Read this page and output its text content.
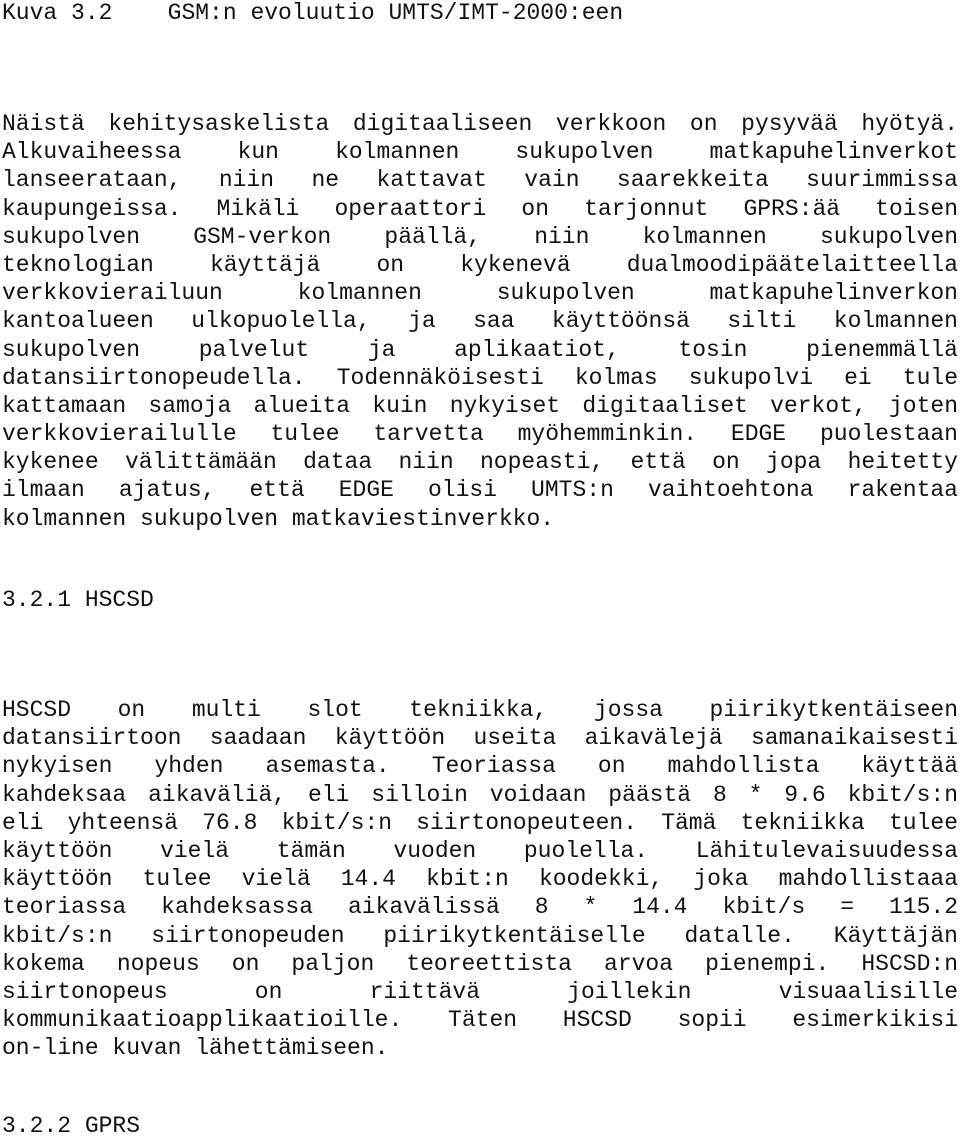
Kuva 3.2 GSM:n evoluutio UMTS/IMT-2000:een
Näistä kehitysaskelista digitaaliseen verkkoon on pysyvää hyötyä.
Alkuvaiheessa kun kolmannen sukupolven matkapuhelinverkot
lanseerataan, niin ne kattavat vain saarekkeita suurimmissa
kaupungeissa. Mikäli operaattori on tarjonnut GPRS:ää toisen
sukupolven GSM-verkon päällä, niin kolmannen sukupolven
teknologian käyttäjä on kykenevä dualmoodipäätelaitteella
verkkovierailuun kolmannen sukupolven matkapuhelinverkon
kantoalueen ulkopuolella, ja saa käyttöönsä silti kolmannen
sukupolven palvelut ja aplikaatiot, tosin pienemmällä
datansiirtonopeudella. Todennäköisesti kolmas sukupolvi ei tule
kattamaan samoja alueita kuin nykyiset digitaaliset verkot, joten
verkkovierailulle tulee tarvetta myöhemminkin. EDGE puolestaan
kykenee välittämään dataa niin nopeasti, että on jopa heitetty
ilmaan ajatus, että EDGE olisi UMTS:n vaihtoehtona rakentaa
kolmannen sukupolven matkaviestinverkko.
3.2.1 HSCSD
HSCSD on multi slot tekniikka, jossa piirikytkentäiseen
datansiirtoon saadaan käyttöön useita aikavälejä samanaikaisesti
nykyisen yhden asemasta. Teoriassa on mahdollista käyttää
kahdeksaa aikaväliä, eli silloin voidaan päästä 8 * 9.6 kbit/s:n
eli yhteensä 76.8 kbit/s:n siirtonopeuteen. Tämä tekniikka tulee
käyttöön vielä tämän vuoden puolella. Lähitulevaisuudessa
käyttöön tulee vielä 14.4 kbit:n koodekki, joka mahdollistaaa
teoriassa kahdeksassa aikavälissä 8 * 14.4 kbit/s = 115.2
kbit/s:n siirtonopeuden piirikytkentäiselle datalle. Käyttäjän
kokema nopeus on paljon teoreettista arvoa pienempi. HSCSD:n
siirtonopeus on riittävä joillekin visuaalisille
kommunikaatioapplikaatioille. Täten HSCSD sopii esimerkikisi
on-line kuvan lähettämiseen.
3.2.2 GPRS
